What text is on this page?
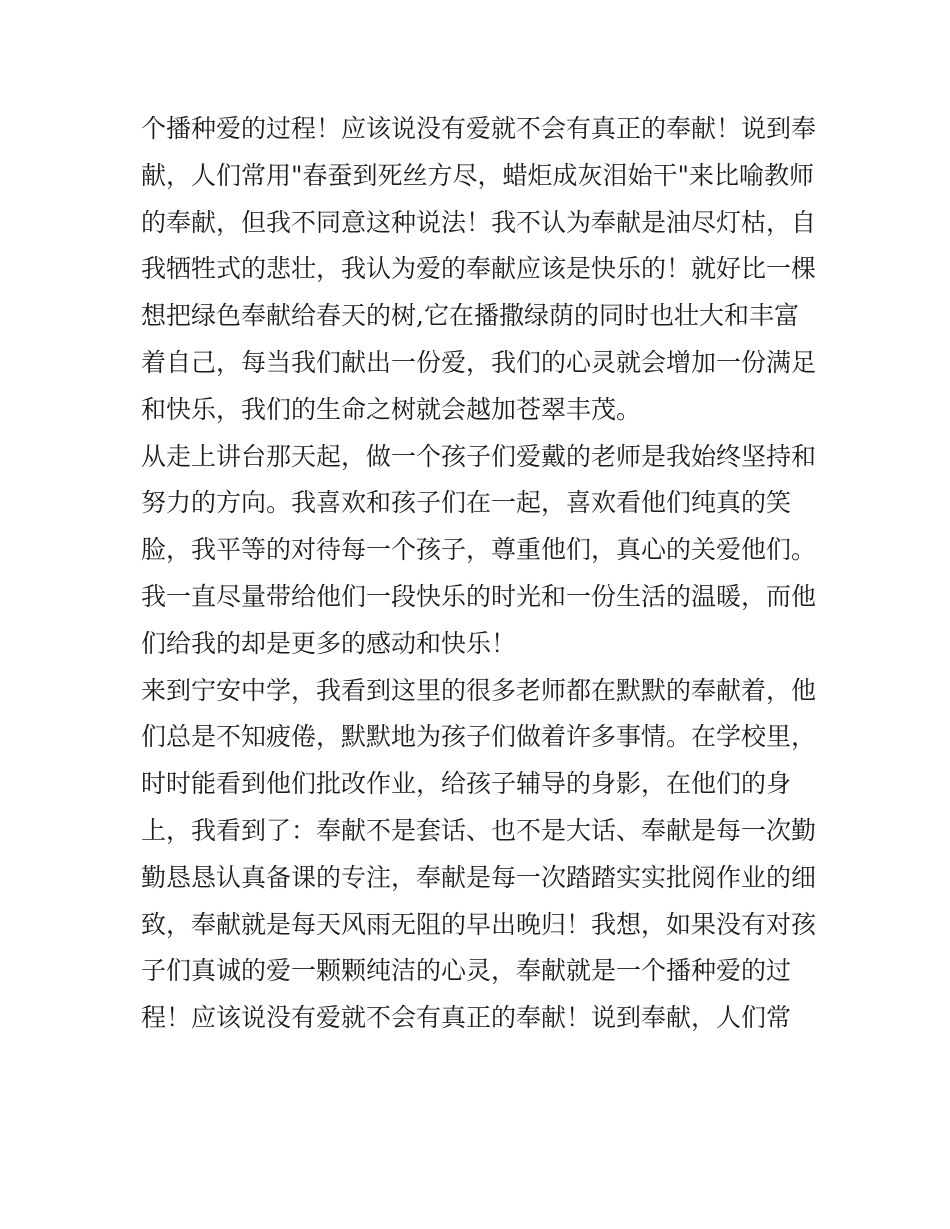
个播种爱的过程！应该说没有爱就不会有真正的奉献！说到奉
献，人们常用"春蚕到死丝方尽，蜡炬成灰泪始干"来比喻教师
的奉献，但我不同意这种说法！我不认为奉献是油尽灯枯，自
我牺牲式的悲壮，我认为爱的奉献应该是快乐的！就好比一棵
想把绿色奉献给春天的树,它在播撒绿荫的同时也壮大和丰富
着自己，每当我们献出一份爱，我们的心灵就会增加一份满足
和快乐，我们的生命之树就会越加苍翠丰茂。
从走上讲台那天起，做一个孩子们爱戴的老师是我始终坚持和
努力的方向。我喜欢和孩子们在一起，喜欢看他们纯真的笑
脸，我平等的对待每一个孩子，尊重他们，真心的关爱他们。
我一直尽量带给他们一段快乐的时光和一份生活的温暖，而他
们给我的却是更多的感动和快乐！
来到宁安中学，我看到这里的很多老师都在默默的奉献着，他
们总是不知疲倦，默默地为孩子们做着许多事情。在学校里，
时时能看到他们批改作业，给孩子辅导的身影，在他们的身
上，我看到了：奉献不是套话、也不是大话、奉献是每一次勤
勤恳恳认真备课的专注，奉献是每一次踏踏实实批阅作业的细
致，奉献就是每天风雨无阻的早出晚归！我想，如果没有对孩
子们真诚的爱一颗颗纯洁的心灵，奉献就是一个播种爱的过
程！应该说没有爱就不会有真正的奉献！说到奉献，人们常
